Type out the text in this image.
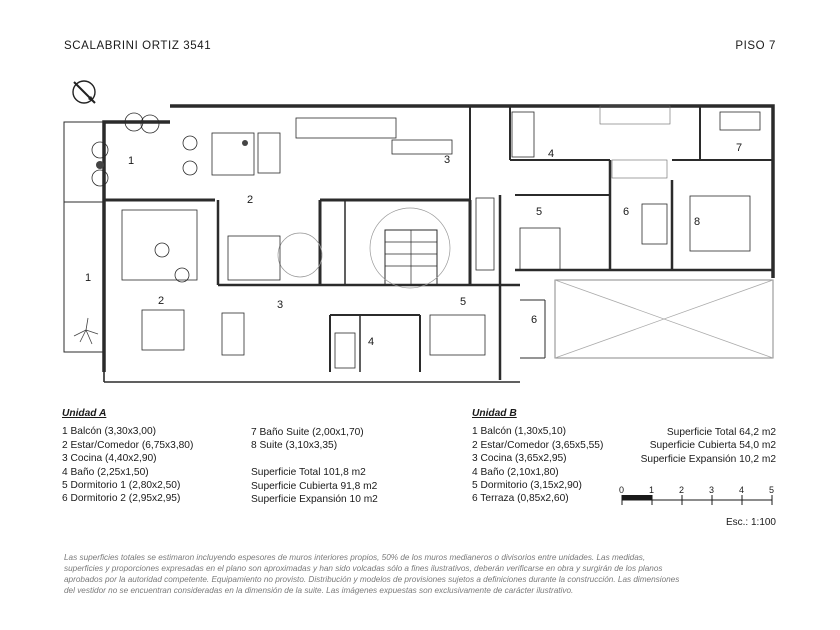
SCALABRINI ORTIZ 3541	PISO 7
1
2
3	4
5	6
7
8
1
2	3
4
5
6
Unidad A
1 Balcón (3,30x3,00)
2 Estar/Comedor (6,75x3,80)
3 Cocina (4,40x2,90)
4 Baño (2,25x1,50)
5 Dormitorio 1 (2,80x2,50)
6 Dormitorio 2 (2,95x2,95)
7 Baño Suite (2,00x1,70)
8 Suite (3,10x3,35)
Superficie Total 101,8 m2
Superficie Cubierta 91,8 m2
Superficie Expansión 10 m2
Unidad B
1 Balcón (1,30x5,10)
2 Estar/Comedor (3,65x5,55)
3 Cocina (3,65x2,95)
4 Baño (2,10x1,80)
5 Dormitorio (3,15x2,90)
6 Terraza (0,85x2,60)
Superficie Total 64,2 m2
Superficie Cubierta 54,0 m2
Superficie Expansión 10,2 m2
0	1	2	3	4	5
Esc.: 1:100
Las superficies totales se estimaron incluyendo espesores de muros interiores propios, 50% de los muros medianeros o divisorios entre unidades. Las medidas, superficies y proporciones expresadas en el plano son aproximadas y han sido volcadas sólo a fines ilustrativos, deberán verificarse en obra y surgirán de los planos aprobados por la autoridad competente. Equipamiento no provisto. Distribución y modelos de provisiones sujetos a definiciones durante la construcción. Las dimensiones del vestidor no se encuentran consideradas en la dimensión de la suite. Las imágenes expuestas son exclusivamente de carácter ilustrativo.
